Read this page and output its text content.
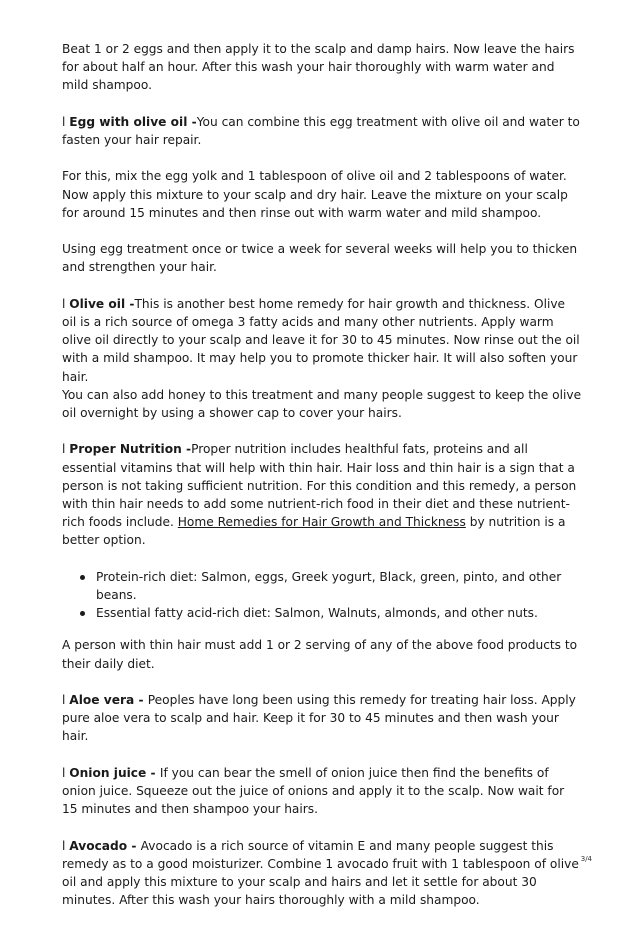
Beat 1 or 2 eggs and then apply it to the scalp and damp hairs. Now leave the hairs for about half an hour. After this wash your hair thoroughly with warm water and mild shampoo.

l Egg with olive oil -You can combine this egg treatment with olive oil and water to fasten your hair repair.

For this, mix the egg yolk and 1 tablespoon of olive oil and 2 tablespoons of water. Now apply this mixture to your scalp and dry hair. Leave the mixture on your scalp for around 15 minutes and then rinse out with warm water and mild shampoo.

Using egg treatment once or twice a week for several weeks will help you to thicken and strengthen your hair.

l Olive oil -This is another best home remedy for hair growth and thickness. Olive oil is a rich source of omega 3 fatty acids and many other nutrients. Apply warm olive oil directly to your scalp and leave it for 30 to 45 minutes. Now rinse out the oil with a mild shampoo. It may help you to promote thicker hair. It will also soften your hair.

You can also add honey to this treatment and many people suggest to keep the olive oil overnight by using a shower cap to cover your hairs.

l Proper Nutrition -Proper nutrition includes healthful fats, proteins and all essential vitamins that will help with thin hair. Hair loss and thin hair is a sign that a person is not taking sufficient nutrition. For this condition and this remedy, a person with thin hair needs to add some nutrient-rich food in their diet and these nutrient-rich foods include. Home Remedies for Hair Growth and Thickness by nutrition is a better option.

Protein-rich diet: Salmon, eggs, Greek yogurt, Black, green, pinto, and other beans.
Essential fatty acid-rich diet: Salmon, Walnuts, almonds, and other nuts.

A person with thin hair must add 1 or 2 serving of any of the above food products to their daily diet.

l Aloe vera - Peoples have long been using this remedy for treating hair loss. Apply pure aloe vera to scalp and hair. Keep it for 30 to 45 minutes and then wash your hair.

l Onion juice - If you can bear the smell of onion juice then find the benefits of onion juice. Squeeze out the juice of onions and apply it to the scalp. Now wait for 15 minutes and then shampoo your hairs.

l Avocado - Avocado is a rich source of vitamin E and many people suggest this remedy as to a good moisturizer. Combine 1 avocado fruit with 1 tablespoon of olive oil and apply this mixture to your scalp and hairs and let it settle for about 30 minutes. After this wash your hairs thoroughly with a mild shampoo.

3/4
